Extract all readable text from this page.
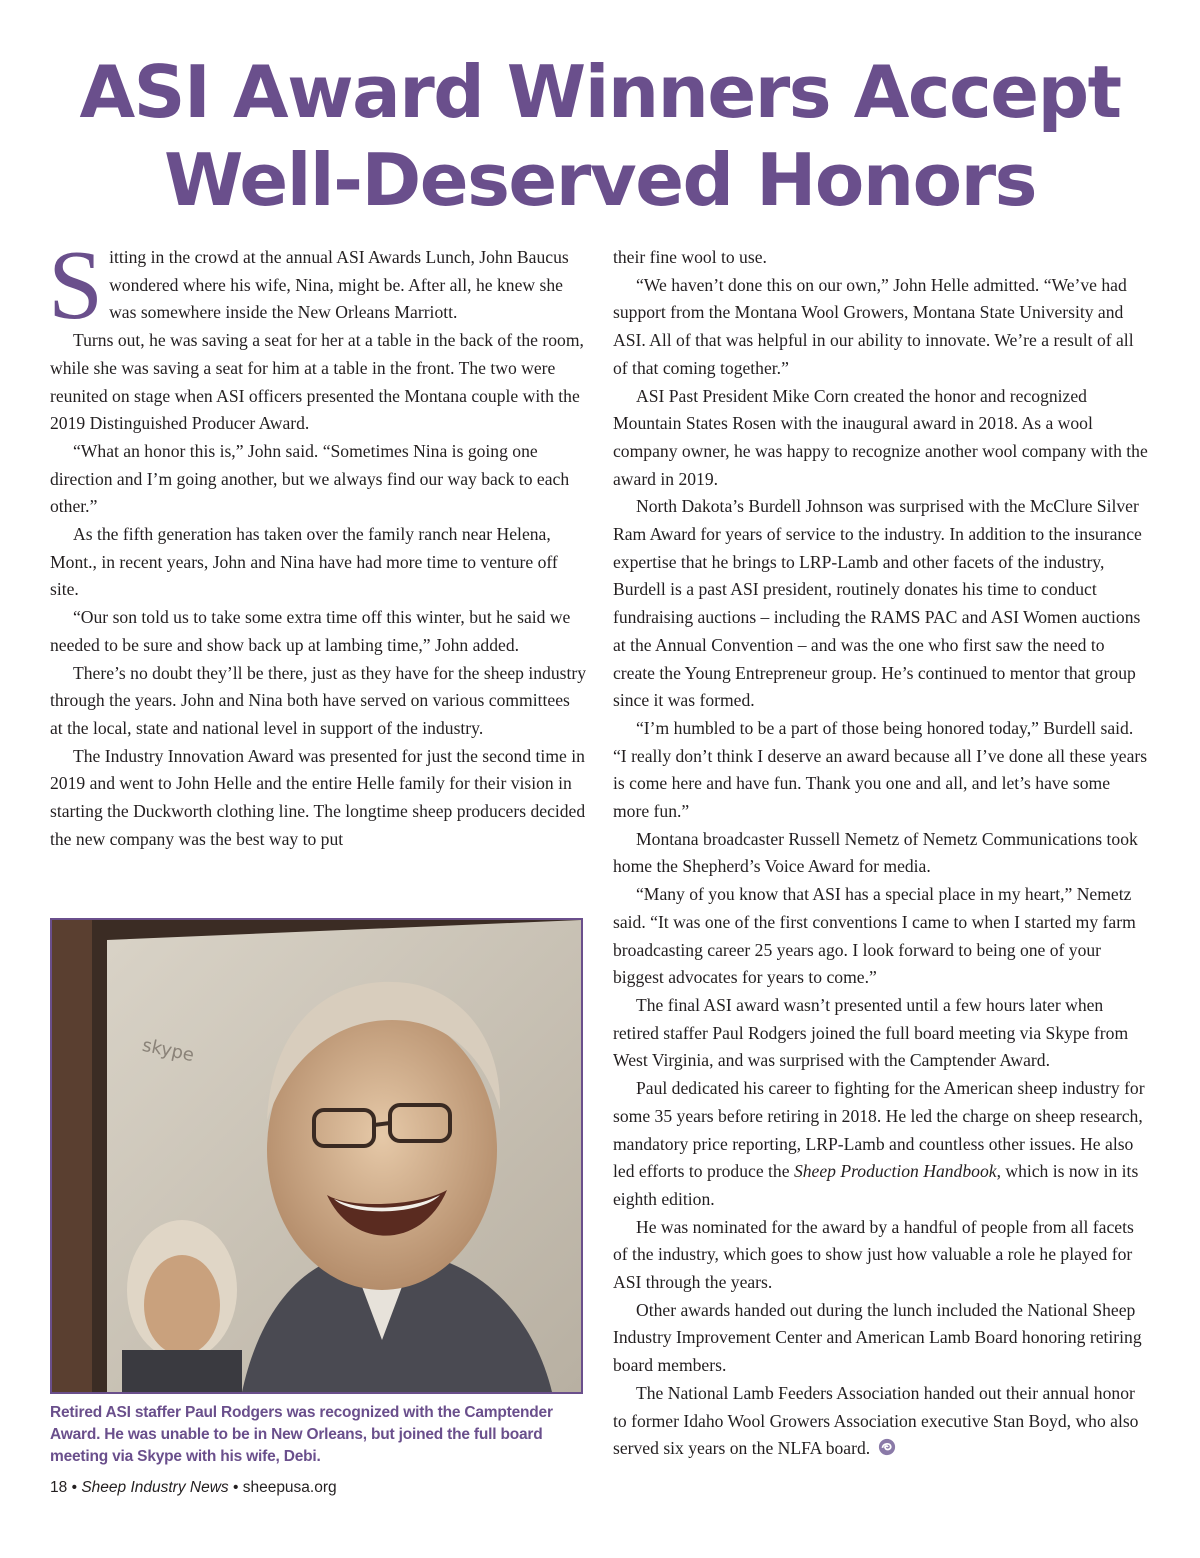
ASI Award Winners Accept
Well-Deserved Honors

Sitting in the crowd at the annual ASI Awards Lunch, John Baucus wondered where his wife, Nina, might be. After all, he knew she was somewhere inside the New Orleans Marriott.

Turns out, he was saving a seat for her at a table in the back of the room, while she was saving a seat for him at a table in the front. The two were reunited on stage when ASI officers presented the Montana couple with the 2019 Distinguished Producer Award.

“What an honor this is,” John said. “Sometimes Nina is going one direction and I’m going another, but we always find our way back to each other.”

As the fifth generation has taken over the family ranch near Helena, Mont., in recent years, John and Nina have had more time to venture off site.

“Our son told us to take some extra time off this winter, but he said we needed to be sure and show back up at lambing time,” John added.

There’s no doubt they’ll be there, just as they have for the sheep industry through the years. John and Nina both have served on various committees at the local, state and national level in support of the industry.

The Industry Innovation Award was presented for just the second time in 2019 and went to John Helle and the entire Helle family for their vision in starting the Duckworth clothing line. The longtime sheep producers decided the new company was the best way to put

skype
Retired ASI staffer Paul Rodgers was recognized with the Camptender Award. He was unable to be in New Orleans, but joined the full board meeting via Skype with his wife, Debi.

their fine wool to use.

“We haven’t done this on our own,” John Helle admitted. “We’ve had support from the Montana Wool Growers, Montana State University and ASI. All of that was helpful in our ability to innovate. We’re a result of all of that coming together.”

ASI Past President Mike Corn created the honor and recognized Mountain States Rosen with the inaugural award in 2018. As a wool company owner, he was happy to recognize another wool company with the award in 2019.

North Dakota’s Burdell Johnson was surprised with the McClure Silver Ram Award for years of service to the industry. In addition to the insurance expertise that he brings to LRP-Lamb and other facets of the industry, Burdell is a past ASI president, routinely donates his time to conduct fundraising auctions – including the RAMS PAC and ASI Women auctions at the Annual Convention – and was the one who first saw the need to create the Young Entrepreneur group. He’s continued to mentor that group since it was formed.

“I’m humbled to be a part of those being honored today,” Burdell said. “I really don’t think I deserve an award because all I’ve done all these years is come here and have fun. Thank you one and all, and let’s have some more fun.”

Montana broadcaster Russell Nemetz of Nemetz Communications took home the Shepherd’s Voice Award for media.

“Many of you know that ASI has a special place in my heart,” Nemetz said. “It was one of the first conventions I came to when I started my farm broadcasting career 25 years ago. I look forward to being one of your biggest advocates for years to come.”

The final ASI award wasn’t presented until a few hours later when retired staffer Paul Rodgers joined the full board meeting via Skype from West Virginia, and was surprised with the Camptender Award.

Paul dedicated his career to fighting for the American sheep industry for some 35 years before retiring in 2018. He led the charge on sheep research, mandatory price reporting, LRP-Lamb and countless other issues. He also led efforts to produce the Sheep Production Handbook, which is now in its eighth edition.

He was nominated for the award by a handful of people from all facets of the industry, which goes to show just how valuable a role he played for ASI through the years.

Other awards handed out during the lunch included the National Sheep Industry Improvement Center and American Lamb Board honoring retiring board members.

The National Lamb Feeders Association handed out their annual honor to former Idaho Wool Growers Association executive Stan Boyd, who also served six years on the NLFA board.

18 • Sheep Industry News • sheepusa.org
